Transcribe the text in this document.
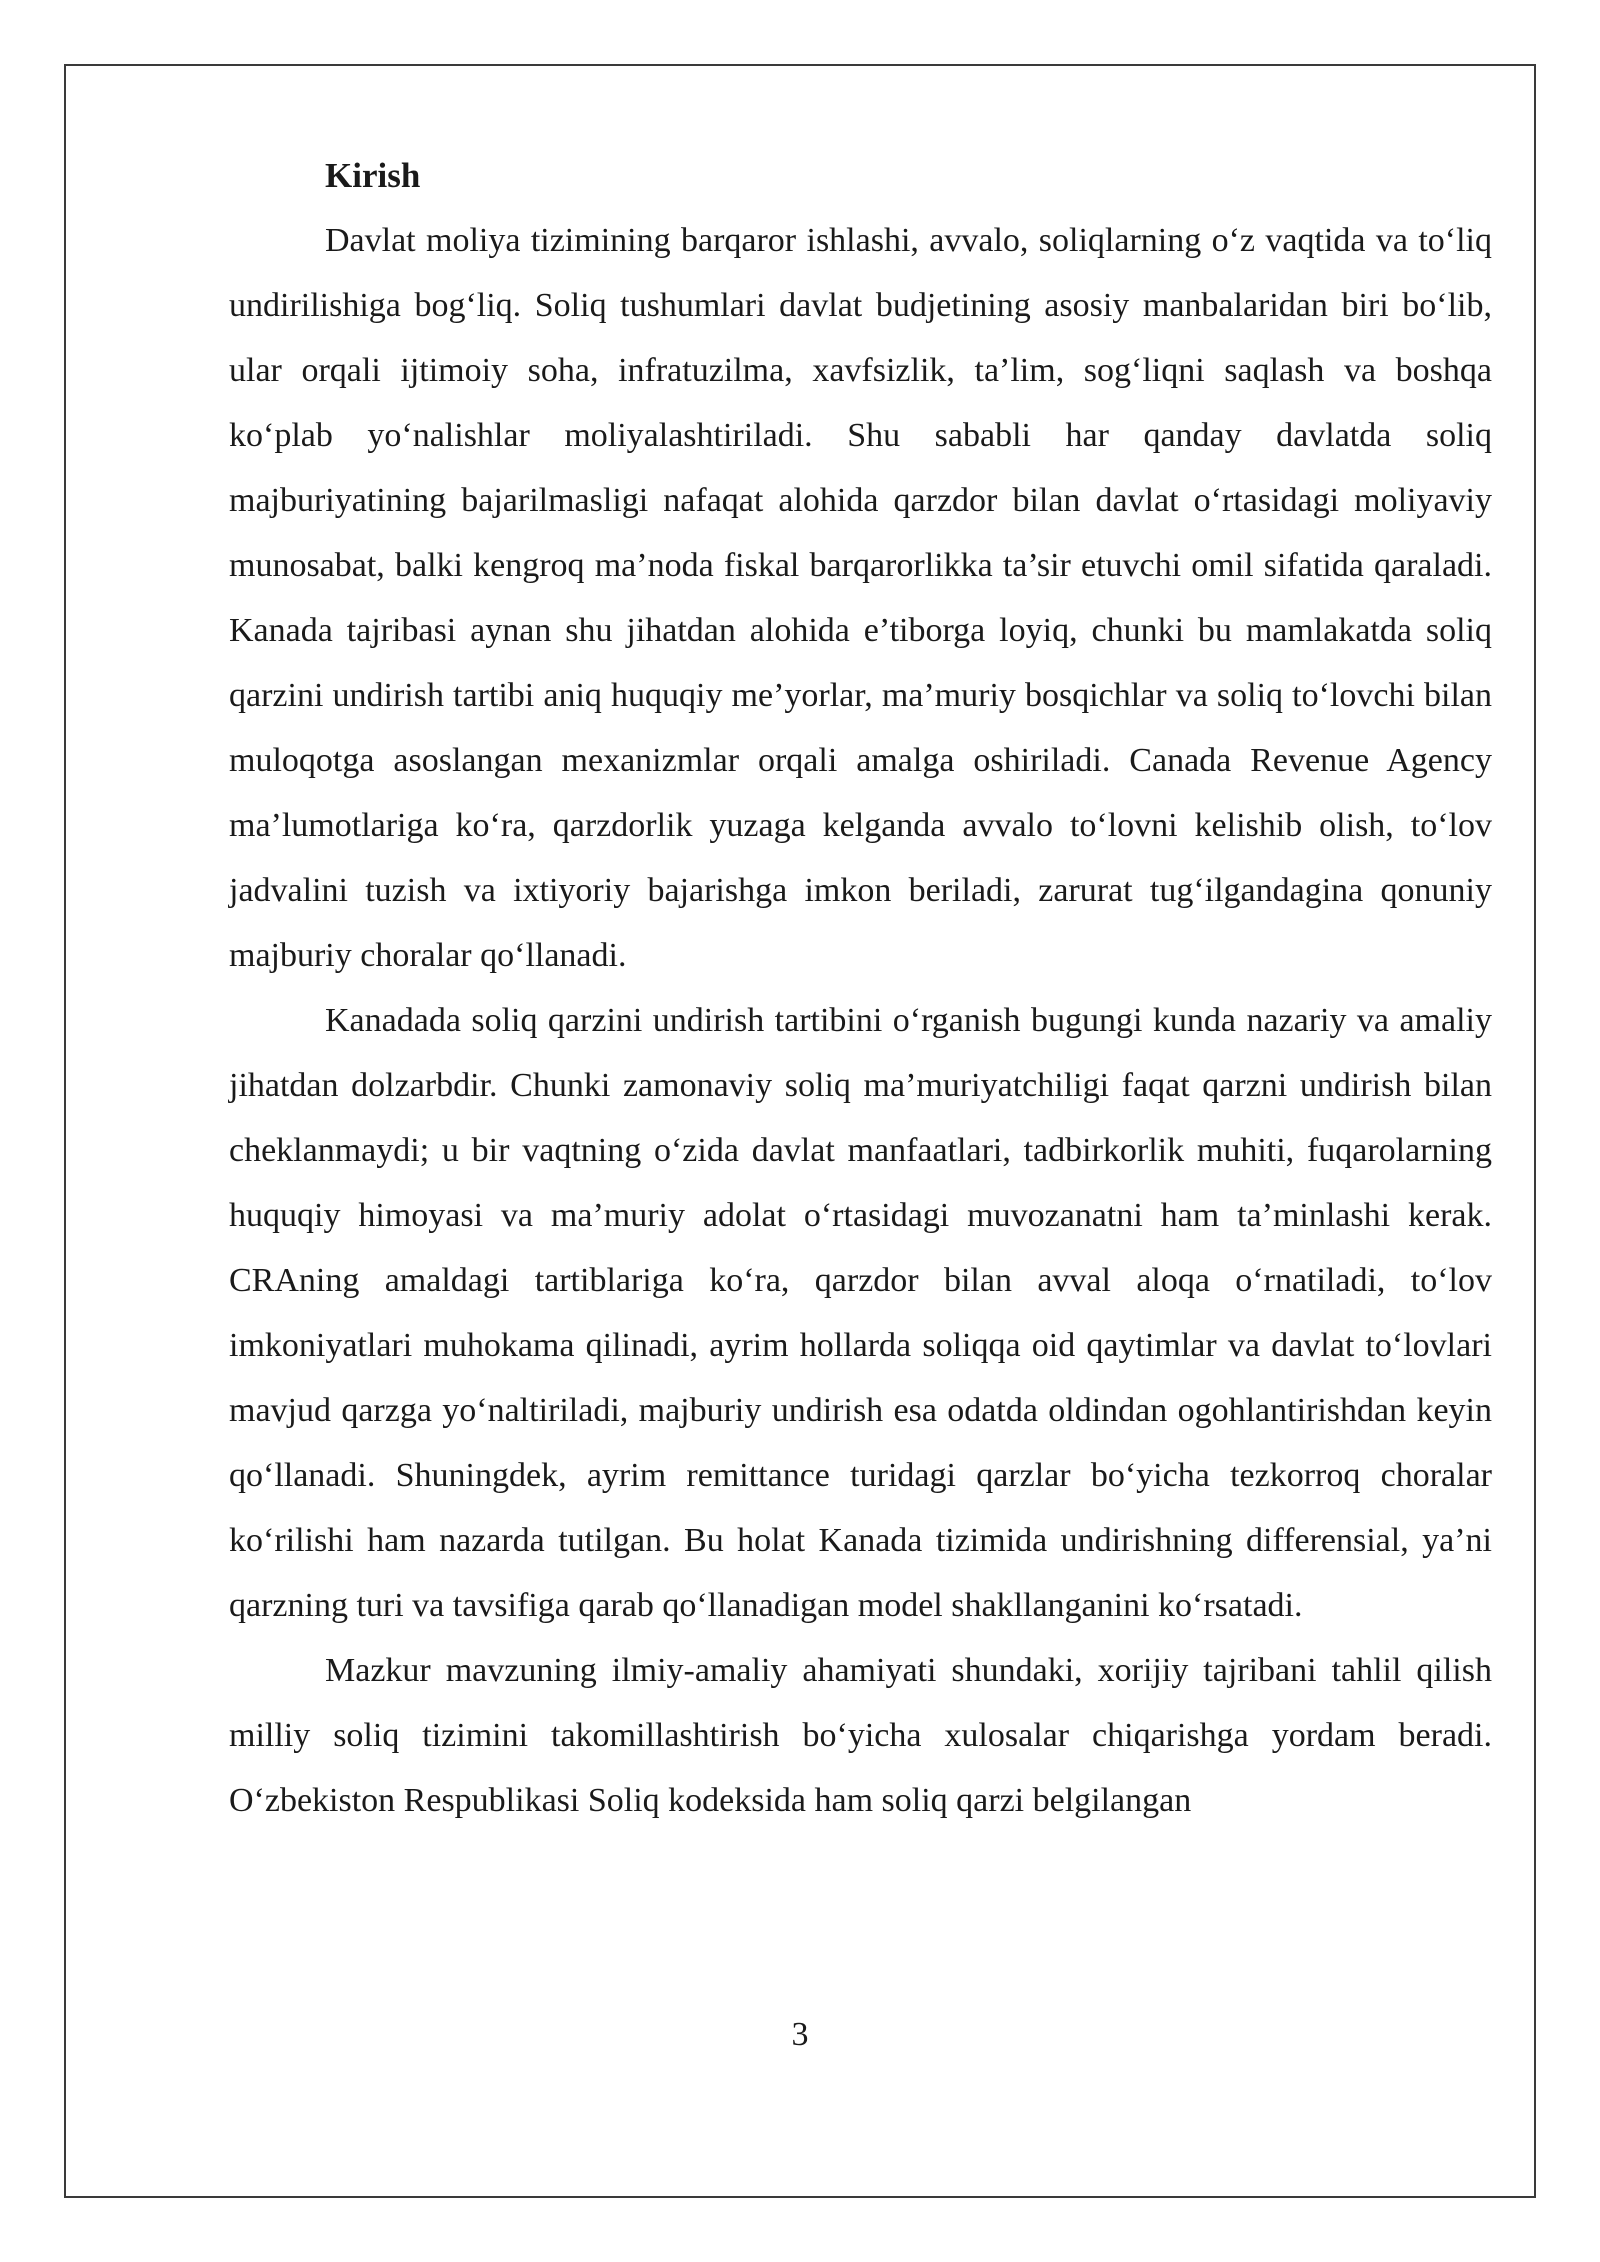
Kirish

Davlat moliya tizimining barqaror ishlashi, avvalo, soliqlarning o‘z vaqtida va to‘liq undirilishiga bog‘liq. Soliq tushumlari davlat budjetining asosiy manbalaridan biri bo‘lib, ular orqali ijtimoiy soha, infratuzilma, xavfsizlik, ta’lim, sog‘liqni saqlash va boshqa ko‘plab yo‘nalishlar moliyalashtiriladi. Shu sababli har qanday davlatda soliq majburiyatining bajarilmasligi nafaqat alohida qarzdor bilan davlat o‘rtasidagi moliyaviy munosabat, balki kengroq ma’noda fiskal barqarorlikka ta’sir etuvchi omil sifatida qaraladi. Kanada tajribasi aynan shu jihatdan alohida e’tiborga loyiq, chunki bu mamlakatda soliq qarzini undirish tartibi aniq huquqiy me’yorlar, ma’muriy bosqichlar va soliq to‘lovchi bilan muloqotga asoslangan mexanizmlar orqali amalga oshiriladi. Canada Revenue Agency ma’lumotlariga ko‘ra, qarzdorlik yuzaga kelganda avvalo to‘lovni kelishib olish, to‘lov jadvalini tuzish va ixtiyoriy bajarishga imkon beriladi, zarurat tug‘ilgandagina qonuniy majburiy choralar qo‘llanadi.

Kanadada soliq qarzini undirish tartibini o‘rganish bugungi kunda nazariy va amaliy jihatdan dolzarbdir. Chunki zamonaviy soliq ma’muriyatchiligi faqat qarzni undirish bilan cheklanmaydi; u bir vaqtning o‘zida davlat manfaatlari, tadbirkorlik muhiti, fuqarolarning huquqiy himoyasi va ma’muriy adolat o‘rtasidagi muvozanatni ham ta’minlashi kerak. CRAning amaldagi tartiblariga ko‘ra, qarzdor bilan avval aloqa o‘rnatiladi, to‘lov imkoniyatlari muhokama qilinadi, ayrim hollarda soliqqa oid qaytimlar va davlat to‘lovlari mavjud qarzga yo‘naltiriladi, majburiy undirish esa odatda oldindan ogohlantirishdan keyin qo‘llanadi. Shuningdek, ayrim remittance turidagi qarzlar bo‘yicha tezkorroq choralar ko‘rilishi ham nazarda tutilgan. Bu holat Kanada tizimida undirishning differensial, ya’ni qarzning turi va tavsifiga qarab qo‘llanadigan model shakllanganini ko‘rsatadi.

Mazkur mavzuning ilmiy-amaliy ahamiyati shundaki, xorijiy tajribani tahlil qilish milliy soliq tizimini takomillashtirish bo‘yicha xulosalar chiqarishga yordam beradi. O‘zbekiston Respublikasi Soliq kodeksida ham soliq qarzi belgilangan

3
